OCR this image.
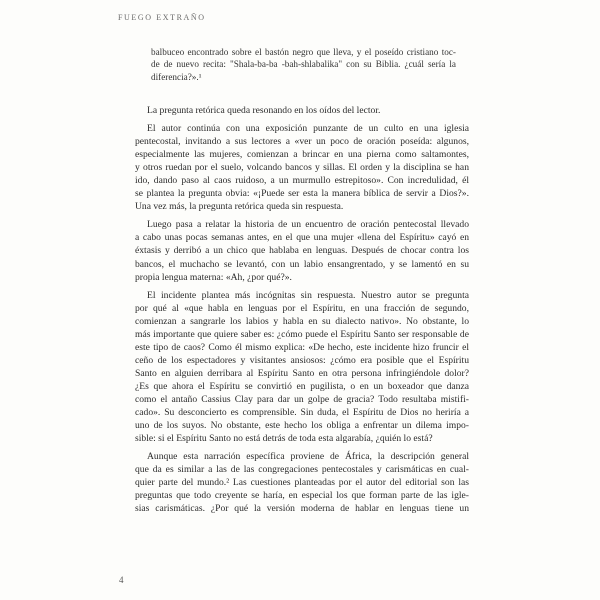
FUEGO EXTRAÑO
balbuceo encontrado sobre el bastón negro que lleva, y el poseído cristiano toc-
de de nuevo recita: "Shala-ba-ba -bah-shlabalika" con su Biblia. ¿cuál sería la
diferencia?».¹

La pregunta retórica queda resonando en los oídos del lector.

El autor continúa con una exposición punzante de un culto en una iglesia
pentecostal, invitando a sus lectores a «ver un poco de oración poseída: algunos,
especialmente las mujeres, comienzan a brincar en una pierna como saltamontes,
y otros ruedan por el suelo, volcando bancos y sillas. El orden y la disciplina se han
ido, dando paso al caos ruidoso, a un murmullo estrepitoso». Con incredulidad, él
se plantea la pregunta obvia: «¡Puede ser esta la manera bíblica de servir a Dios?».
Una vez más, la pregunta retórica queda sin respuesta.

Luego pasa a relatar la historia de un encuentro de oración pentecostal llevado
a cabo unas pocas semanas antes, en el que una mujer «llena del Espíritu» cayó en
éxtasis y derribó a un chico que hablaba en lenguas. Después de chocar contra los
bancos, el muchacho se levantó, con un labio ensangrentado, y se lamentó en su
propia lengua materna: «Ah, ¿por qué?».

El incidente plantea más incógnitas sin respuesta. Nuestro autor se pregunta
por qué al «que habla en lenguas por el Espíritu, en una fracción de segundo,
comienzan a sangrarle los labios y habla en su dialecto nativo». No obstante, lo
más importante que quiere saber es: ¿cómo puede el Espíritu Santo ser responsable de
este tipo de caos? Como él mismo explica: «De hecho, este incidente hizo fruncir el
ceño de los espectadores y visitantes ansiosos: ¿cómo era posible que el Espíritu
Santo en alguien derribara al Espíritu Santo en otra persona infringiéndole dolor?
¿Es que ahora el Espíritu se convirtió en pugilista, o en un boxeador que danza
como el antaño Cassius Clay para dar un golpe de gracia? Todo resultaba mistifi-
cado». Su desconcierto es comprensible. Sin duda, el Espíritu de Dios no heriría a
uno de los suyos. No obstante, este hecho los obliga a enfrentar un dilema impo-
sible: si el Espíritu Santo no está detrás de toda esta algarabía, ¿quién lo está?

Aunque esta narración específica proviene de África, la descripción general
que da es similar a las de las congregaciones pentecostales y carismáticas en cual-
quier parte del mundo.² Las cuestiones planteadas por el autor del editorial son las
preguntas que todo creyente se haría, en especial los que forman parte de las igle-
sias carismáticas. ¿Por qué la versión moderna de hablar en lenguas tiene un

4
